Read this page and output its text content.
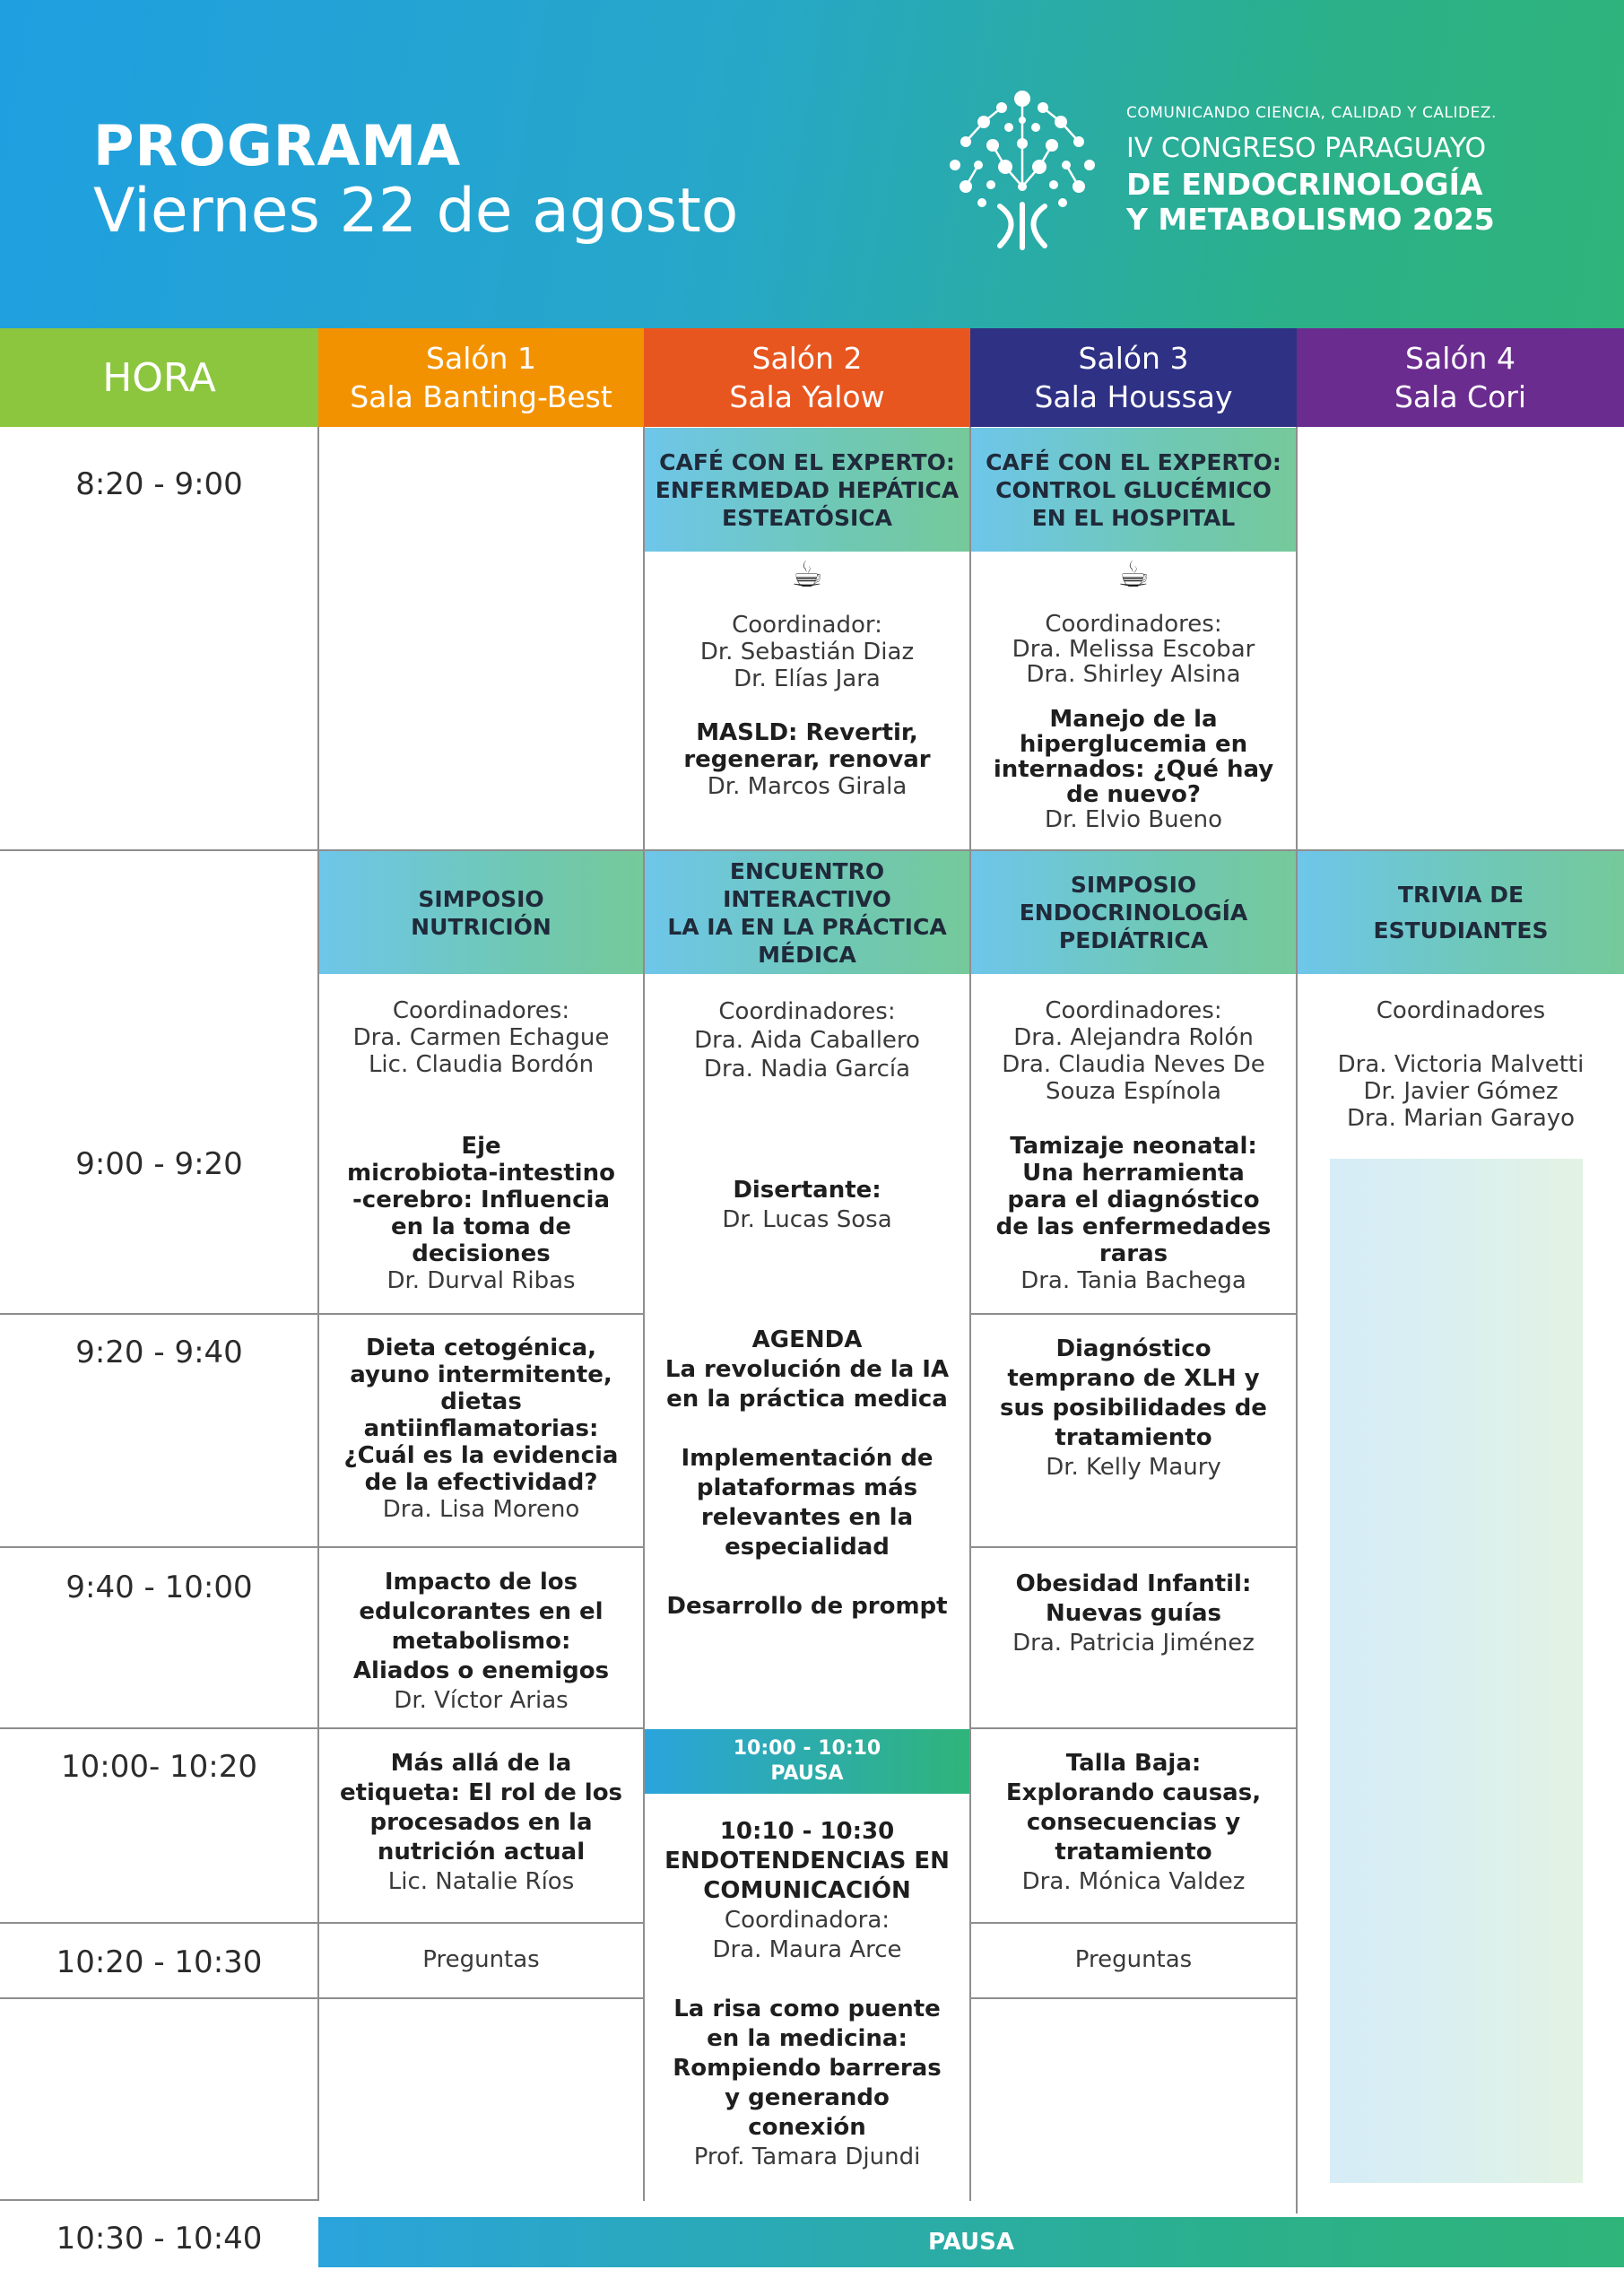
PROGRAMA
Viernes 22 de agosto
COMUNICANDO CIENCIA, CALIDAD Y CALIDEZ.
IV CONGRESO PARAGUAYO
DE ENDOCRINOLOGÍA
Y METABOLISMO 2025
HORA	Salón 1
Sala Banting-Best
Salón 2
Sala Yalow
Salón 3
Sala Houssay
Salón 4
Sala Cori
8:20 - 9:00
9:00 - 9:20
9:20 - 9:40
9:40 - 10:00
10:00- 10:20
10:20 - 10:30
10:30 - 10:40
CAFÉ CON EL EXPERTO:
ENFERMEDAD HEPÁTICA
ESTEATÓSICA
☕
Coordinador:
Dr. Sebastián Diaz
Dr. Elías Jara
MASLD: Revertir,
regenerar, renovar
Dr. Marcos Girala
CAFÉ CON EL EXPERTO:
CONTROL GLUCÉMICO
EN EL HOSPITAL
☕
Coordinadores:
Dra. Melissa Escobar
Dra. Shirley Alsina
Manejo de la
hiperglucemia en
internados: ¿Qué hay
de nuevo?
Dr. Elvio Bueno
SIMPOSIO
NUTRICIÓN
ENCUENTRO
INTERACTIVO
LA IA EN LA PRÁCTICA
MÉDICA
SIMPOSIO
ENDOCRINOLOGÍA
PEDIÁTRICA
TRIVIA DE
ESTUDIANTES
Coordinadores:
Dra. Carmen Echague
Lic. Claudia Bordón
Eje
microbiota-intestino
-cerebro: Influencia
en la toma de
decisiones
Dr. Durval Ribas
Dieta cetogénica,
ayuno intermitente,
dietas
antiinflamatorias:
¿Cuál es la evidencia
de la efectividad?
Dra. Lisa Moreno
Impacto de los
edulcorantes en el
metabolismo:
Aliados o enemigos
Dr. Víctor Arias
Más allá de la
etiqueta: El rol de los
procesados en la
nutrición actual
Lic. Natalie Ríos
Preguntas
Coordinadores:
Dra. Aida Caballero
Dra. Nadia García
Disertante:
Dr. Lucas Sosa
AGENDA
La revolución de la IA
en la práctica medica
Implementación de
plataformas más
relevantes en la
especialidad
Desarrollo de prompt
10:00 - 10:10
PAUSA
10:10 - 10:30
ENDOTENDENCIAS EN
COMUNICACIÓN
Coordinadora:
Dra. Maura Arce
La risa como puente
en la medicina:
Rompiendo barreras
y generando
conexión
Prof. Tamara Djundi
Coordinadores:
Dra. Alejandra Rolón
Dra. Claudia Neves De
Souza Espínola
Tamizaje neonatal:
Una herramienta
para el diagnóstico
de las enfermedades
raras
Dra. Tania Bachega
Diagnóstico
temprano de XLH y
sus posibilidades de
tratamiento
Dr. Kelly Maury
Obesidad Infantil:
Nuevas guías
Dra. Patricia Jiménez
Talla Baja:
Explorando causas,
consecuencias y
tratamiento
Dra. Mónica Valdez
Preguntas
Coordinadores
Dra. Victoria Malvetti
Dr. Javier Gómez
Dra. Marian Garayo
PAUSA
